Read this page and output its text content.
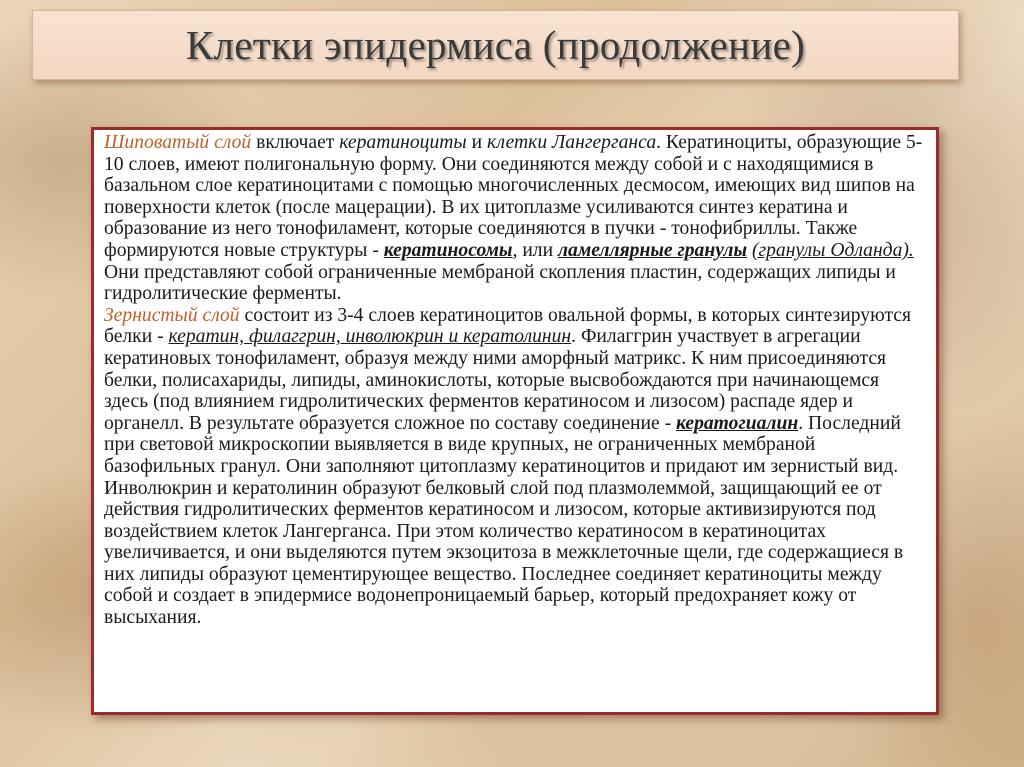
Клетки эпидермиса (продолжение)

Шиповатый слой включает кератиноциты и клетки Лангерганса. Кератиноциты, образующие 5-10 слоев, имеют полигональную форму. Они соединяются между собой и с находящимися в базальном слое кератиноцитами с помощью многочисленных десмосом, имеющих вид шипов на поверхности клеток (после мацерации). В их цитоплазме усиливаются синтез кератина и образование из него тонофиламент, которые соединяются в пучки - тонофибриллы. Также формируются новые структуры - кератиносомы, или ламеллярные гранулы (гранулы Одланда). Они представляют собой ограниченные мембраной скопления пластин, содержащих липиды и гидролитические ферменты.

Зернистый слой состоит из 3-4 слоев кератиноцитов овальной формы, в которых синтезируются белки - кератин, филаггрин, инволюкрин и кератолинин. Филаггрин участвует в агрегации кератиновых тонофиламент, образуя между ними аморфный матрикс. К ним присоединяются белки, полисахариды, липиды, аминокислоты, которые высвобождаются при начинающемся здесь (под влиянием гидролитических ферментов кератиносом и лизосом) распаде ядер и органелл. В результате образуется сложное по составу соединение - кератогиалин. Последний при световой микроскопии выявляется в виде крупных, не ограниченных мембраной базофильных гранул. Они заполняют цитоплазму кератиноцитов и придают им зернистый вид. Инволюкрин и кератолинин образуют белковый слой под плазмолеммой, защищающий ее от действия гидролитических ферментов кератиносом и лизосом, которые активизируются под воздействием клеток Лангерганса. При этом количество кератиносом в кератиноцитах увеличивается, и они выделяются путем экзоцитоза в межклеточные щели, где содержащиеся в них липиды образуют цементирующее вещество. Последнее соединяет кератиноциты между собой и создает в эпидермисе водонепроницаемый барьер, который предохраняет кожу от высыхания.
